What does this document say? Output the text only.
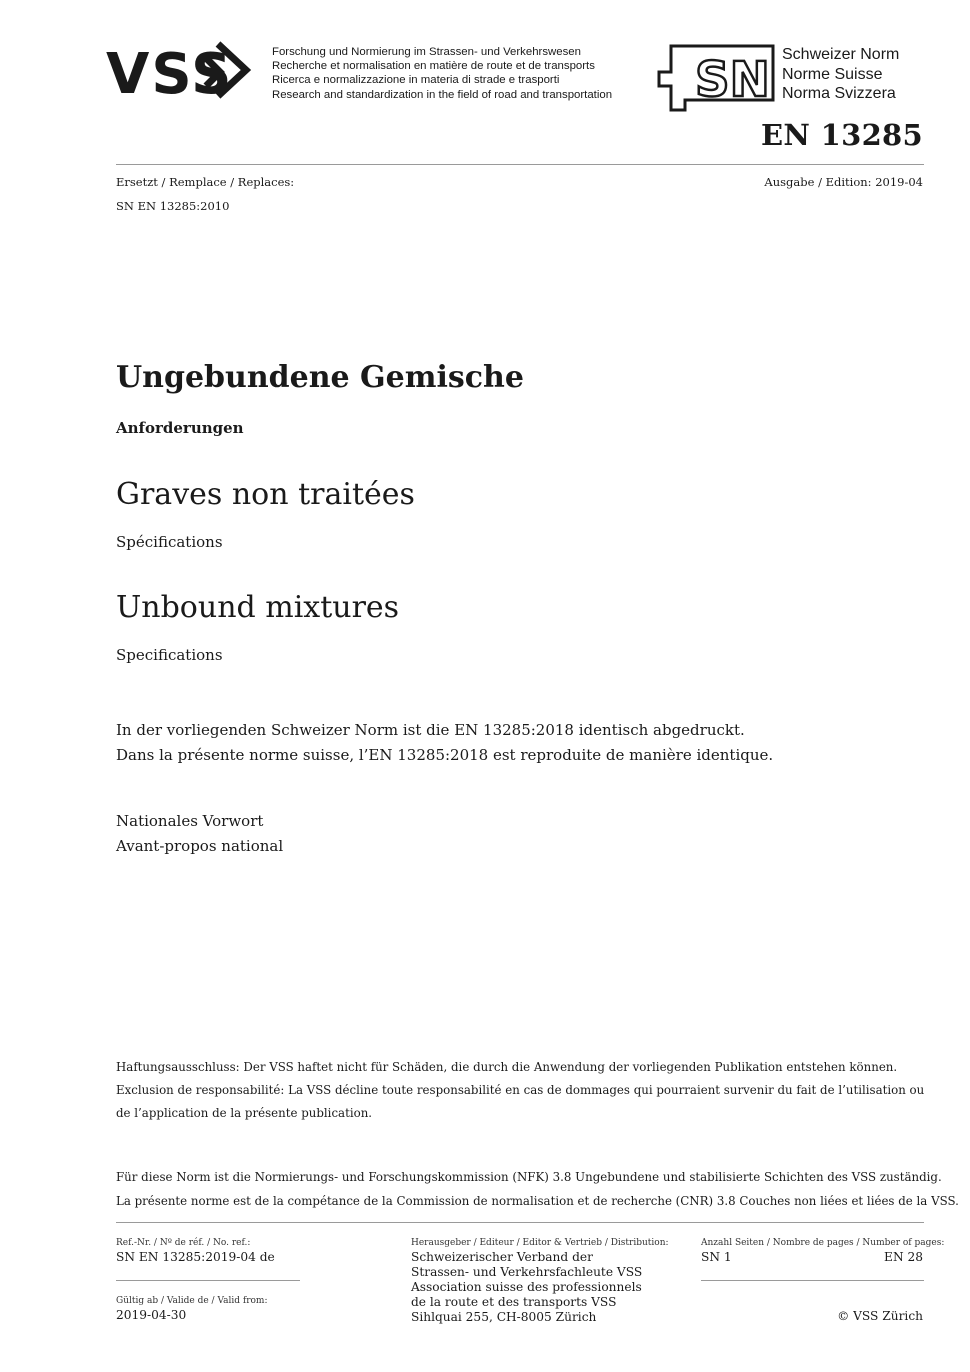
VSS	Forschung und Normierung im Strassen- und Verkehrswesen
Recherche et normalisation en matière de route et de transports
Ricerca e normalizzazione in materia di strade e trasporti
Research and standardization in the field of road and transportation SN Schweizer Norm
Norme Suisse
Norma Svizzera
EN 13285
Ersetzt / Remplace / Replaces:	Ausgabe / Edition: 2019-04
SN EN 13285:2010
Ungebundene Gemische
Anforderungen
Graves non traitées
Spécifications
Unbound mixtures
Specifications
In der vorliegenden Schweizer Norm ist die EN 13285:2018 identisch abgedruckt.
Dans la présente norme suisse, l’EN 13285:2018 est reproduite de manière identique.
Nationales Vorwort
Avant-propos national
Haftungsausschluss: Der VSS haftet nicht für Schäden, die durch die Anwendung der vorliegenden Publikation entstehen können.
Exclusion de responsabilité: La VSS décline toute responsabilité en cas de dommages qui pourraient survenir du fait de l’utilisation ou
de l’application de la présente publication.
Für diese Norm ist die Normierungs- und Forschungskommission (NFK) 3.8 Ungebundene und stabilisierte Schichten des VSS zuständig.
La présente norme est de la compétance de la Commission de normalisation et de recherche (CNR) 3.8 Couches non liées et liées de la VSS.
Ref.-Nr. / Nº de réf. / No. ref.:
SN EN 13285:2019-04 de
Gültig ab / Valide de / Valid from:
2019-04-30
Herausgeber / Editeur / Editor & Vertrieb / Distribution:
Schweizerischer Verband der
Strassen- und Verkehrsfachleute VSS
Association suisse des professionnels
de la route et des transports VSS
Sihlquai 255, CH-8005 Zürich
Anzahl Seiten / Nombre de pages / Number of pages:
SN 1	EN 28
© VSS Zürich
